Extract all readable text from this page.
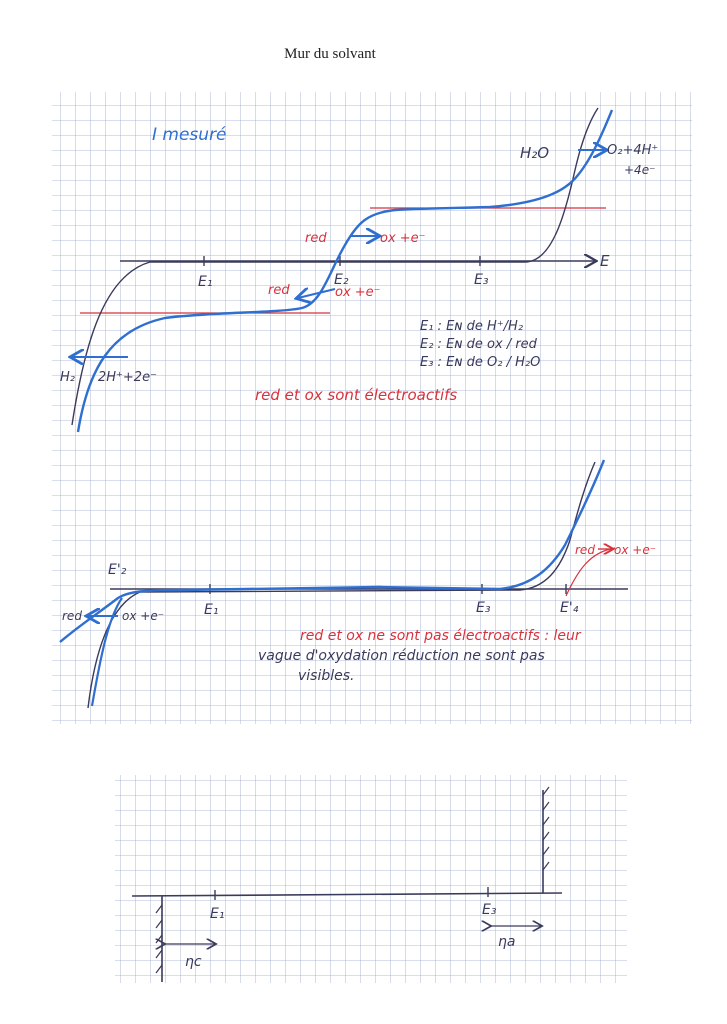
Mur du solvant
I mesuré
E
E₁	E₂	E₃
H₂O	O₂+4H⁺
+4e⁻
red	ox +e⁻
red	ox +e⁻
H₂ 2H⁺+2e⁻
E₁ : Eɴ de H⁺/H₂
E₂ : Eɴ de ox / red
E₃ : Eɴ de O₂ / H₂O
red et ox sont électroactifs
E'₂
E₁	E₃	E'₄
red ox +e⁻
red	ox +e⁻
red et ox ne sont pas électroactifs : leur
vague d'oxydation réduction ne sont pas
visibles.
E₁	E₃
ηc
ηa
